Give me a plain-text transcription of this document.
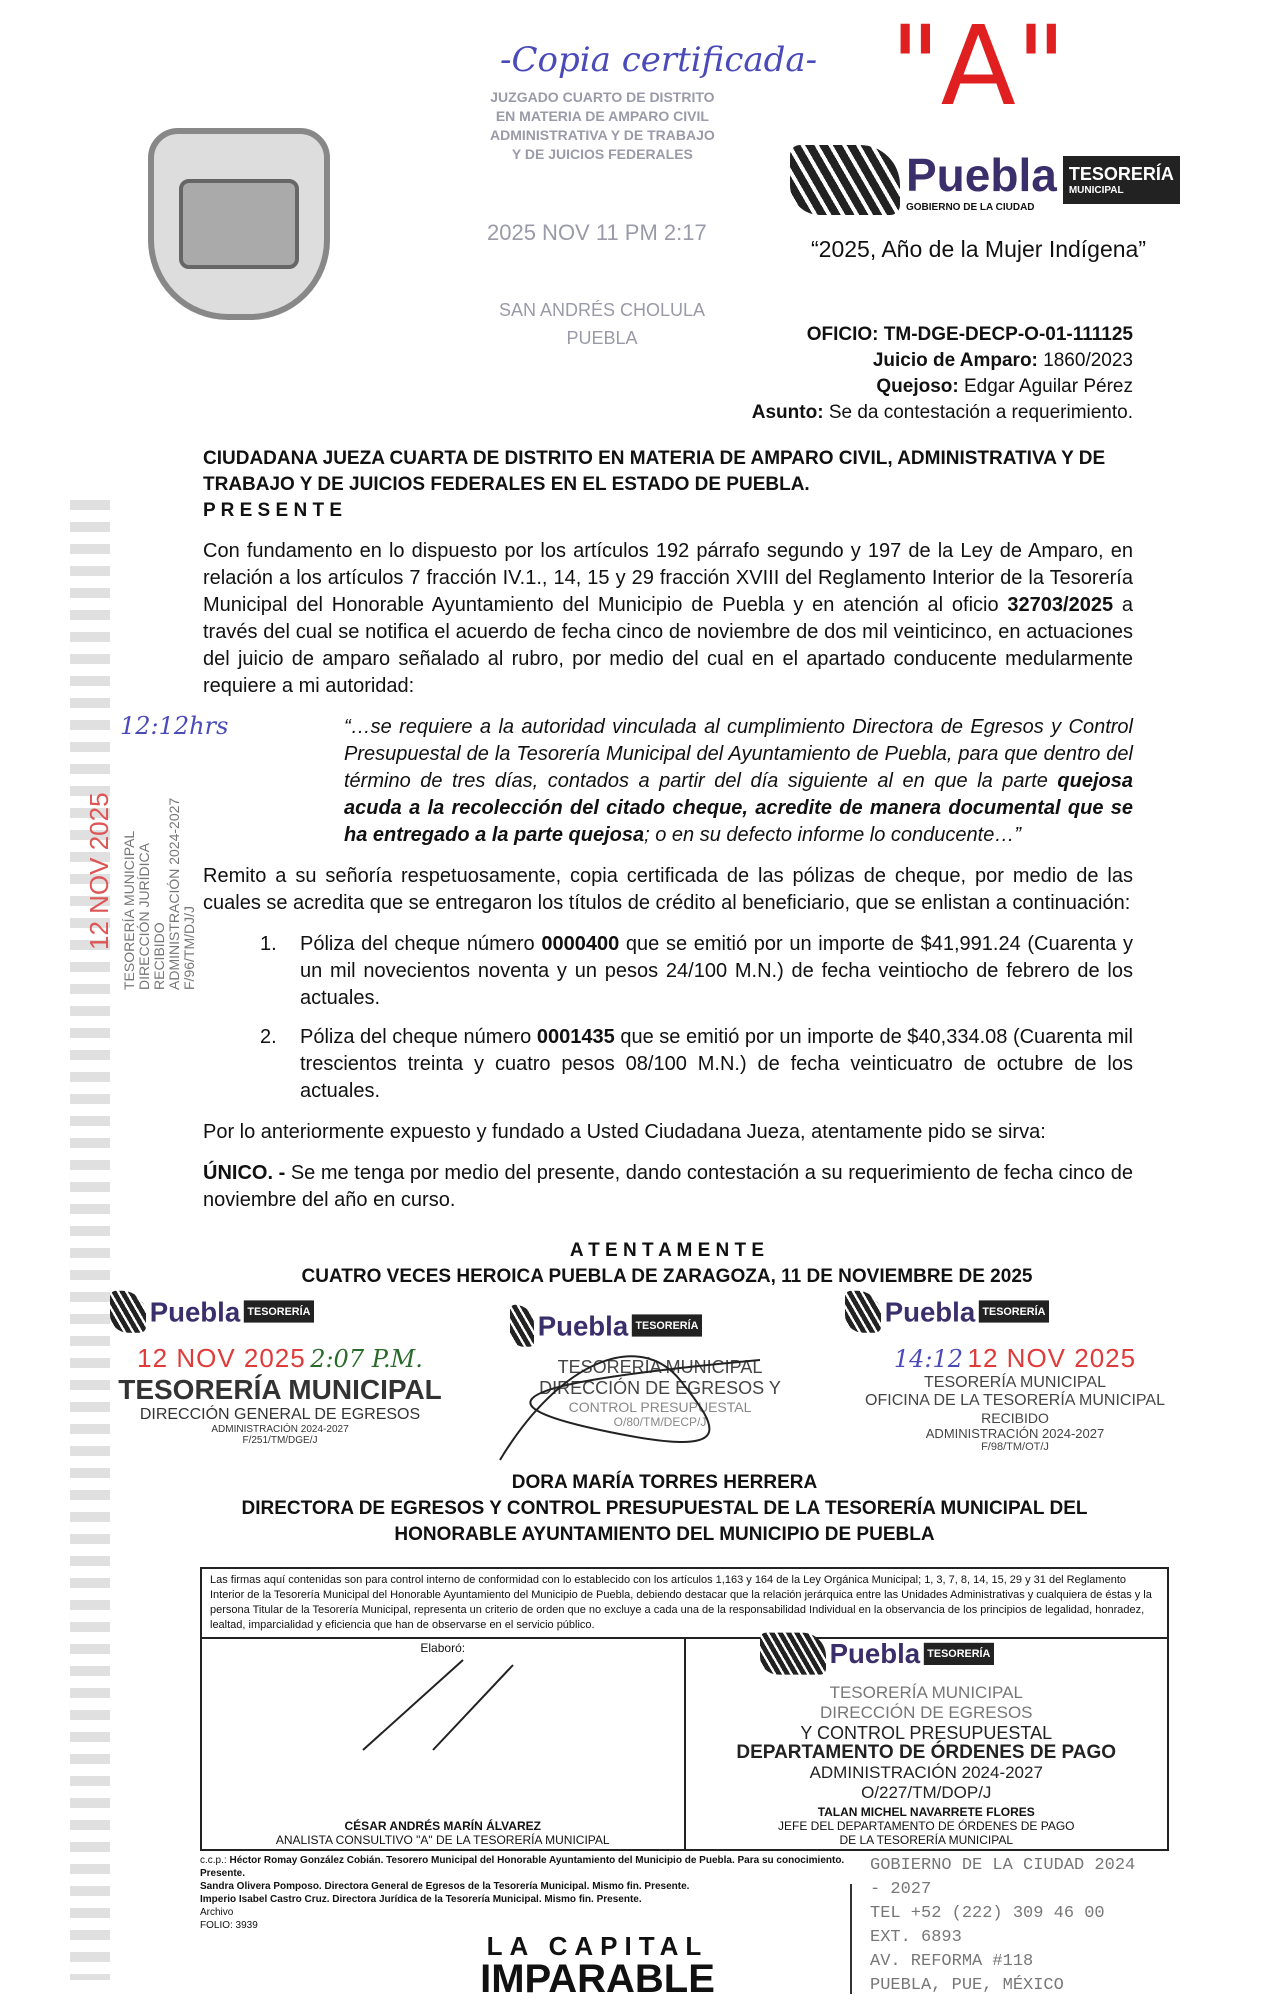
-Copia certificada- "A"
JUZGADO CUARTO DE DISTRITO
EN MATERIA DE AMPARO CIVIL
ADMINISTRATIVA Y DE TRABAJO
Y DE JUICIOS FEDERALES
2025 NOV 11 PM 2:17
SAN ANDRÉS CHOLULA
PUEBLA
Puebla
GOBIERNO DE LA CIUDAD
TESORERÍA
MUNICIPAL
“2025, Año de la Mujer Indígena”
OFICIO: TM-DGE-DECP-O-01-111125
Juicio de Amparo: 1860/2023
Quejoso: Edgar Aguilar Pérez
Asunto: Se da contestación a requerimiento.
CIUDADANA JUEZA CUARTA DE DISTRITO EN MATERIA DE AMPARO CIVIL, ADMINISTRATIVA Y DE TRABAJO Y DE JUICIOS FEDERALES EN EL ESTADO DE PUEBLA.
P R E S E N T E
Con fundamento en lo dispuesto por los artículos 192 párrafo segundo y 197 de la Ley de Amparo, en relación a los artículos 7 fracción IV.1., 14, 15 y 29 fracción XVIII del Reglamento Interior de la Tesorería Municipal del Honorable Ayuntamiento del Municipio de Puebla y en atención al oficio 32703/2025 a través del cual se notifica el acuerdo de fecha cinco de noviembre de dos mil veinticinco, en actuaciones del juicio de amparo señalado al rubro, por medio del cual en el apartado conducente medularmente requiere a mi autoridad:
“…se requiere a la autoridad vinculada al cumplimiento Directora de Egresos y Control Presupuestal de la Tesorería Municipal del Ayuntamiento de Puebla, para que dentro del término de tres días, contados a partir del día siguiente al en que la parte quejosa acuda a la recolección del citado cheque, acredite de manera documental que se ha entregado a la parte quejosa; o en su defecto informe lo conducente…”
Remito a su señoría respetuosamente, copia certificada de las pólizas de cheque, por medio de las cuales se acredita que se entregaron los títulos de crédito al beneficiario, que se enlistan a continuación:
1.	Póliza del cheque número 0000400 que se emitió por un importe de $41,991.24 (Cuarenta y un mil novecientos noventa y un pesos 24/100 M.N.) de fecha veintiocho de febrero de los actuales.
2.	Póliza del cheque número 0001435 que se emitió por un importe de $40,334.08 (Cuarenta mil trescientos treinta y cuatro pesos 08/100 M.N.) de fecha veinticuatro de octubre de los actuales.
Por lo anteriormente expuesto y fundado a Usted Ciudadana Jueza, atentamente pido se sirva:
ÚNICO. - Se me tenga por medio del presente, dando contestación a su requerimiento de fecha cinco de noviembre del año en curso.
12:12hrs
12 NOV 2025 TESORERÍA MUNICIPAL DIRECCIÓN JURÍDICA RECIBIDO ADMINISTRACIÓN 2024-2027 F/96/TM/DJ/J
A T E N T A M E N T E
CUATRO VECES HEROICA PUEBLA DE ZARAGOZA, 11 DE NOVIEMBRE DE 2025
Puebla TESORERÍA
12 NOV 2025 2:07 P.M.
TESORERÍA MUNICIPAL
DIRECCIÓN GENERAL DE EGRESOS
ADMINISTRACIÓN 2024-2027
F/251/TM/DGE/J
Puebla TESORERÍA
TESORERÍA MUNICIPAL
DIRECCIÓN DE EGRESOS Y
CONTROL PRESUPUESTAL
O/80/TM/DECP/J
Puebla TESORERÍA
14:12 12 NOV 2025
TESORERÍA MUNICIPAL
OFICINA DE LA TESORERÍA MUNICIPAL
RECIBIDO
ADMINISTRACIÓN 2024-2027
F/98/TM/OT/J
DORA MARÍA TORRES HERRERA
DIRECTORA DE EGRESOS Y CONTROL PRESUPUESTAL DE LA TESORERÍA MUNICIPAL DEL
HONORABLE AYUNTAMIENTO DEL MUNICIPIO DE PUEBLA
Las firmas aquí contenidas son para control interno de conformidad con lo establecido con los artículos 1,163 y 164 de la Ley Orgánica Municipal; 1, 3, 7, 8, 14, 15, 29 y 31 del Reglamento Interior de la Tesorería Municipal del Honorable Ayuntamiento del Municipio de Puebla, debiendo destacar que la relación jerárquica entre las Unidades Administrativas y cualquiera de éstas y la persona Titular de la Tesorería Municipal, representa un criterio de orden que no excluye a cada una de la responsabilidad Individual en la observancia de los principios de legalidad, honradez, lealtad, imparcialidad y eficiencia que han de observarse en el servicio público.
Elaboró:
CÉSAR ANDRÉS MARÍN ÁLVAREZ
ANALISTA CONSULTIVO "A" DE LA TESORERÍA MUNICIPAL
Puebla TESORERÍA
TESORERÍA MUNICIPAL
DIRECCIÓN DE EGRESOS
Y CONTROL PRESUPUESTAL
DEPARTAMENTO DE ÓRDENES DE PAGO
ADMINISTRACIÓN 2024-2027
O/227/TM/DOP/J
TALAN MICHEL NAVARRETE FLORES
JEFE DEL DEPARTAMENTO DE ÓRDENES DE PAGO
DE LA TESORERÍA MUNICIPAL
c.c.p.: Héctor Romay González Cobián. Tesorero Municipal del Honorable Ayuntamiento del Municipio de Puebla. Para su conocimiento. Presente.
Sandra Olivera Pomposo. Directora General de Egresos de la Tesorería Municipal. Mismo fin. Presente.
Imperio Isabel Castro Cruz. Directora Jurídica de la Tesorería Municipal. Mismo fin. Presente.
Archivo
FOLIO: 3939
LA CAPITAL
IMPARABLE
GOBIERNO DE LA CIUDAD 2024
- 2027
TEL +52 (222) 309 46 00
EXT. 6893
AV. REFORMA #118
PUEBLA, PUE, MÉXICO
